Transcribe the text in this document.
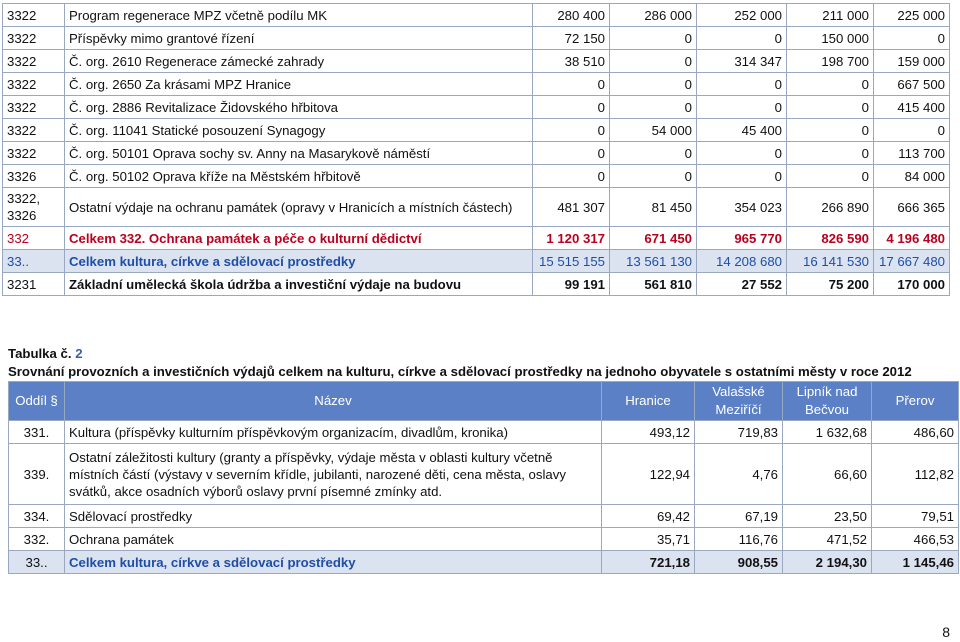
3322	Program regenerace MPZ včetně podílu MK	280 400	286 000	252 000	211 000	225 000
3322	Příspěvky mimo grantové řízení	72 150	0	0	150 000	0
3322	Č. org. 2610 Regenerace zámecké zahrady	38 510	0	314 347	198 700	159 000
3322	Č. org. 2650 Za krásami MPZ Hranice	0	0	0	0	667 500
3322	Č. org. 2886 Revitalizace Židovského hřbitova	0	0	0	0	415 400
3322	Č. org. 11041 Statické posouzení Synagogy	0	54 000	45 400	0	0
3322	Č. org. 50101 Oprava sochy sv. Anny na Masarykově náměstí	0	0	0	0	113 700
3326	Č. org. 50102 Oprava kříže na Městském hřbitově	0	0	0	0	84 000
3322, 3326	Ostatní výdaje na ochranu památek (opravy v Hranicích a místních částech)	481 307	81 450	354 023	266 890	666 365
332	Celkem 332. Ochrana památek a péče o kulturní dědictví	1 120 317	671 450	965 770	826 590	4 196 480
33..	Celkem kultura, církve a sdělovací prostředky	15 515 155	13 561 130	14 208 680	16 141 530	17 667 480
3231	Základní umělecká škola údržba a investiční výdaje na budovu	99 191	561 810	27 552	75 200	170 000
Tabulka č. 2
Srovnání provozních a investičních výdajů celkem na kulturu, církve a sdělovací prostředky na jednoho obyvatele s ostatními městy v roce 2012
Oddíl §	Název	Hranice	Valašské Meziříčí	Lipník nad Bečvou	Přerov
331.	Kultura (příspěvky kulturním příspěvkovým organizacím, divadlům, kronika)	493,12	719,83	1 632,68	486,60
339.	Ostatní záležitosti kultury (granty a příspěvky, výdaje města v oblasti kultury včetně místních částí (výstavy v severním křídle, jubilanti, narozené děti, cena města, oslavy svátků, akce osadních výborů oslavy první písemné zmínky atd.	122,94	4,76	66,60	112,82
334.	Sdělovací prostředky	69,42	67,19	23,50	79,51
332.	Ochrana památek	35,71	116,76	471,52	466,53
33..	Celkem kultura, církve a sdělovací prostředky	721,18	908,55	2 194,30	1 145,46
8
